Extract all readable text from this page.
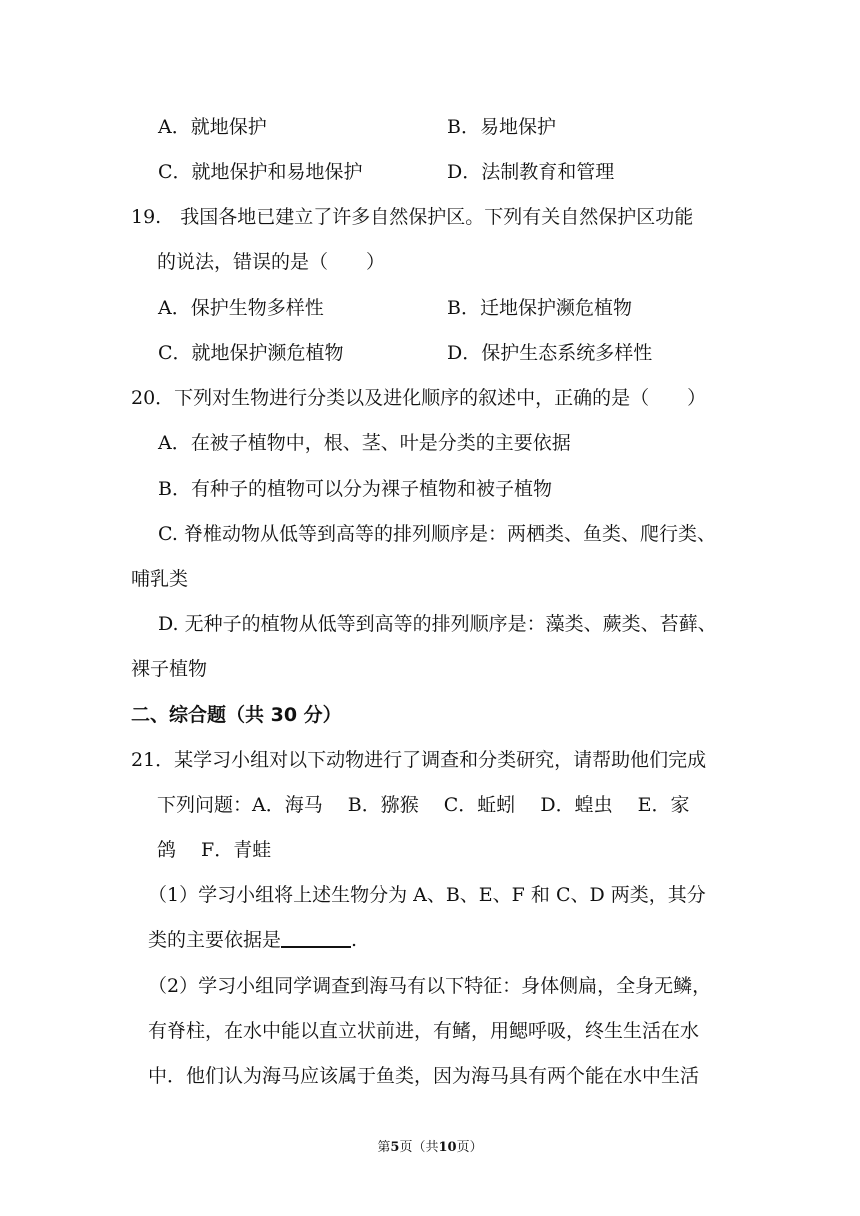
A．就地保护	B．易地保护
C．就地保护和易地保护	D．法制教育和管理
19.　我国各地已建立了许多自然保护区。下列有关自然保护区功能
的说法，错误的是（　　）
A．保护生物多样性	B．迁地保护濒危植物
C．就地保护濒危植物	D．保护生态系统多样性
20．下列对生物进行分类以及进化顺序的叙述中，正确的是（　　）
A．在被子植物中，根、茎、叶是分类的主要依据
B．有种子的植物可以分为裸子植物和被子植物
C. 脊椎动物从低等到高等的排列顺序是：两栖类、鱼类、爬行类、
哺乳类
D. 无种子的植物从低等到高等的排列顺序是：藻类、蕨类、苔藓、
裸子植物
二、综合题（共 30 分）
21．某学习小组对以下动物进行了调查和分类研究，请帮助他们完成
下列问题：A．海马　 B．猕猴　 C．蚯蚓　 D．蝗虫　 E．家
鸽　 F．青蛙
（1）学习小组将上述生物分为 A、B、E、F 和 C、D 两类，其分
类的主要依据是	.
（2）学习小组同学调查到海马有以下特征：身体侧扁，全身无鳞，
有脊柱，在水中能以直立状前进，有鳍，用鳃呼吸，终生生活在水
中．他们认为海马应该属于鱼类，因为海马具有两个能在水中生活
第5页（共10页）
